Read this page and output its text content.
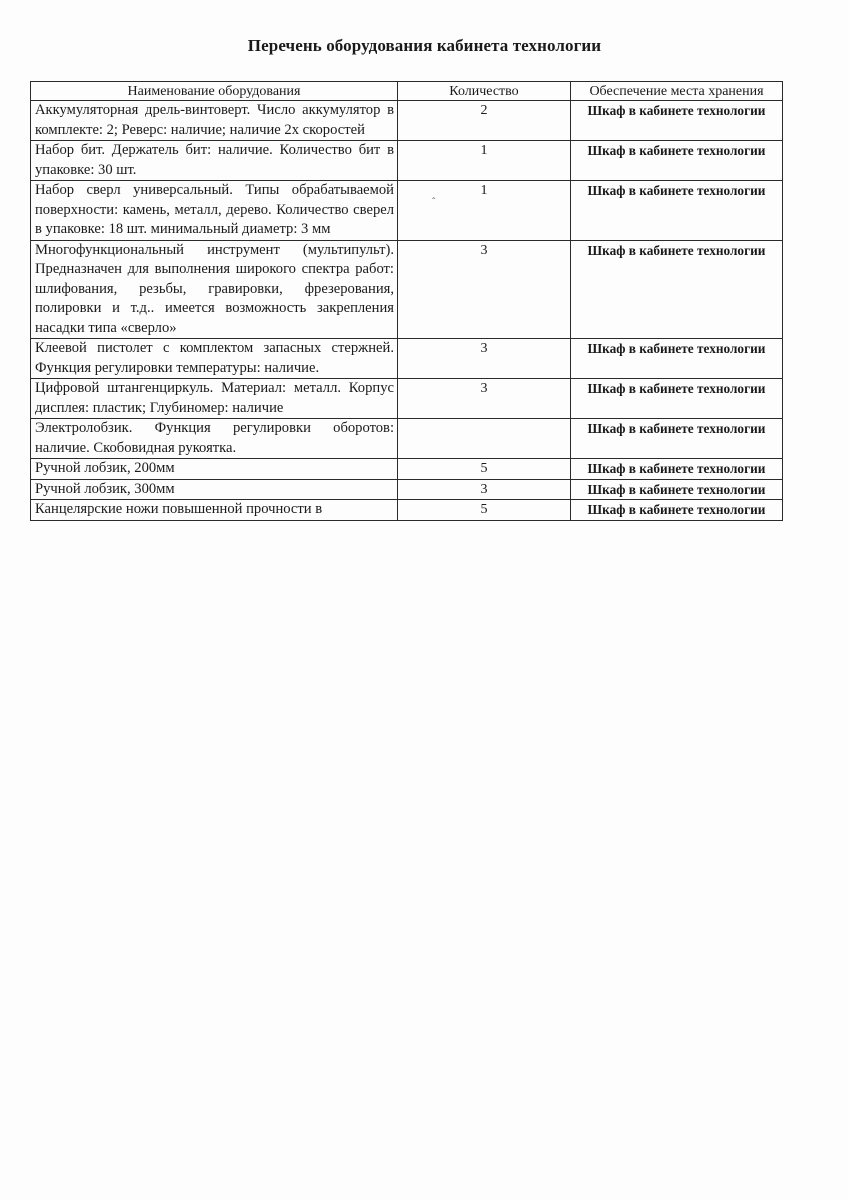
Перечень оборудования кабинета технологии
Наименование оборудования	Количество	Обеспечение места хранения
Аккумуляторная дрель-винтоверт. Число аккумулятор в комплекте: 2; Реверс: наличие; наличие 2х скоростей	2	Шкаф в кабинете технологии
Набор бит. Держатель бит: наличие. Количество бит в упаковке: 30 шт.	1	Шкаф в кабинете технологии
Набор сверл универсальный. Типы обрабатываемой поверхности: камень, металл, дерево. Количество сверел в упаковке: 18 шт. минимальный диаметр: 3 мм	1	Шкаф в кабинете технологии
Многофункциональный инструмент (мультипульт). Предназначен для выполнения широкого спектра работ: шлифования, резьбы, гравировки, фрезерования, полировки и т.д.. имеется возможность закрепления насадки типа «сверло»	3	Шкаф в кабинете технологии
Клеевой пистолет с комплектом запасных стержней. Функция регулировки температуры: наличие.	3	Шкаф в кабинете технологии
Цифровой штангенциркуль. Материал: металл. Корпус дисплея: пластик; Глубиномер: наличие	3	Шкаф в кабинете технологии
Электролобзик. Функция регулировки оборотов: наличие. Скобовидная рукоятка.		Шкаф в кабинете технологии
Ручной лобзик, 200мм	5	Шкаф в кабинете технологии
Ручной лобзик, 300мм	3	Шкаф в кабинете технологии
Канцелярские ножи повышенной прочности в	5	Шкаф в кабинете технологии
ˆ
